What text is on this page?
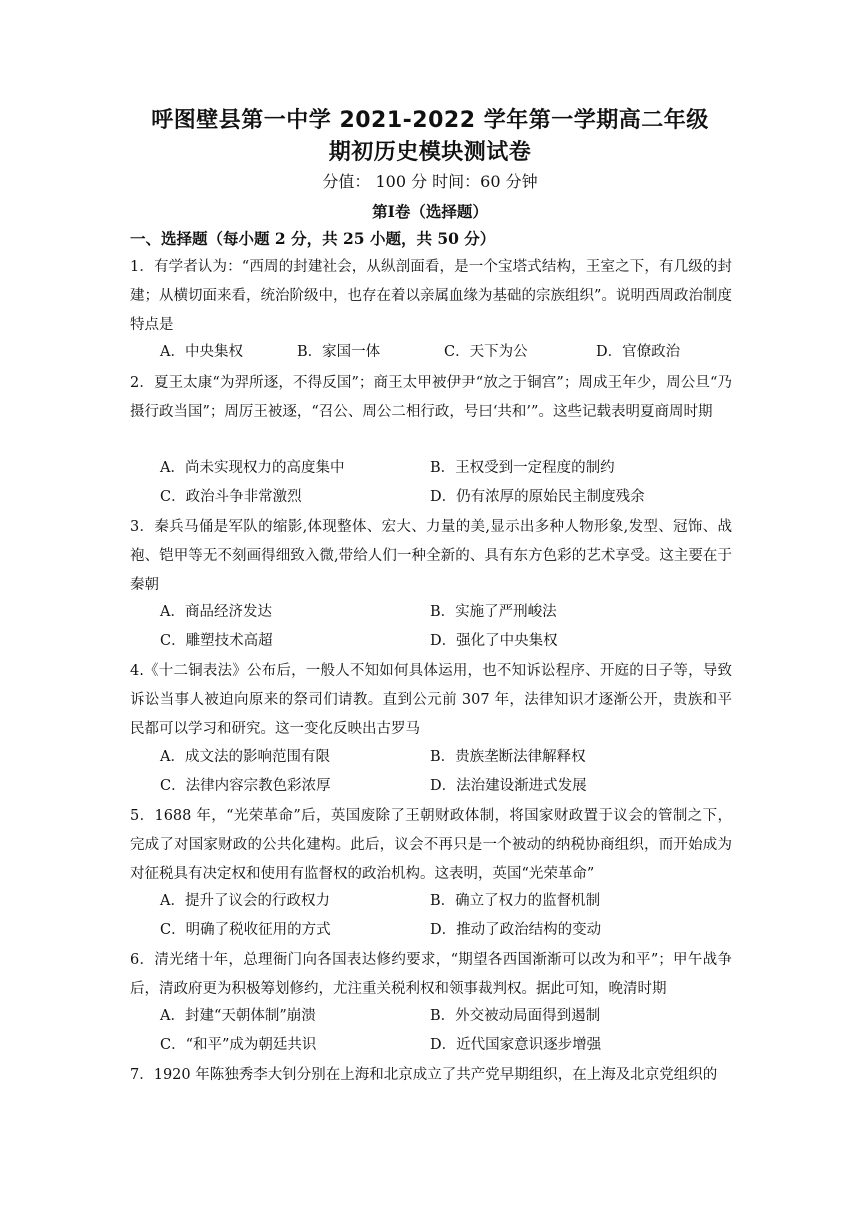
呼图壁县第一中学 2021-2022 学年第一学期高二年级
期初历史模块测试卷
分值： 100 分 时间：60 分钟
第Ⅰ卷（选择题）
一、选择题（每小题 2 分，共 25 小题，共 50 分）
1．有学者认为：“西周的封建社会，从纵剖面看，是一个宝塔式结构，王室之下，有几级的封建；从横切面来看，统治阶级中，也存在着以亲属血缘为基础的宗族组织”。说明西周政治制度特点是
A．中央集权	B．家国一体	C．天下为公	D．官僚政治
2．夏王太康“为羿所逐，不得反国”；商王太甲被伊尹“放之于铜宫”；周成王年少，周公旦“乃摄行政当国”；周厉王被逐，“召公、周公二相行政，号曰‘共和’”。这些记载表明夏商周时期
A．尚未实现权力的高度集中	B．王权受到一定程度的制约
C．政治斗争非常激烈	D．仍有浓厚的原始民主制度残余
3．秦兵马俑是军队的缩影,体现整体、宏大、力量的美,显示出多种人物形象,发型、冠饰、战袍、铠甲等无不刻画得细致入微,带给人们一种全新的、具有东方色彩的艺术享受。这主要在于秦朝
A．商品经济发达	B．实施了严刑峻法
C．雕塑技术高超	D．强化了中央集权
4.《十二铜表法》公布后，一般人不知如何具体运用，也不知诉讼程序、开庭的日子等，导致诉讼当事人被迫向原来的祭司们请教。直到公元前 307 年，法律知识才逐渐公开，贵族和平民都可以学习和研究。这一变化反映出古罗马
A．成文法的影响范围有限	B．贵族垄断法律解释权
C．法律内容宗教色彩浓厚	D．法治建设渐进式发展
5．1688 年，“光荣革命”后，英国废除了王朝财政体制，将国家财政置于议会的管制之下，完成了对国家财政的公共化建构。此后，议会不再只是一个被动的纳税协商组织，而开始成为对征税具有决定权和使用有监督权的政治机构。这表明，英国“光荣革命”
A．提升了议会的行政权力	B．确立了权力的监督机制
C．明确了税收征用的方式	D．推动了政治结构的变动
6．清光绪十年，总理衙门向各国表达修约要求，“期望各西国渐渐可以改为和平”；甲午战争后，清政府更为积极筹划修约，尤注重关税利权和领事裁判权。据此可知，晚清时期
A．封建“天朝体制”崩溃	B．外交被动局面得到遏制
C．“和平”成为朝廷共识	D．近代国家意识逐步增强
7．1920 年陈独秀李大钊分别在上海和北京成立了共产党早期组织，在上海及北京党组织的
